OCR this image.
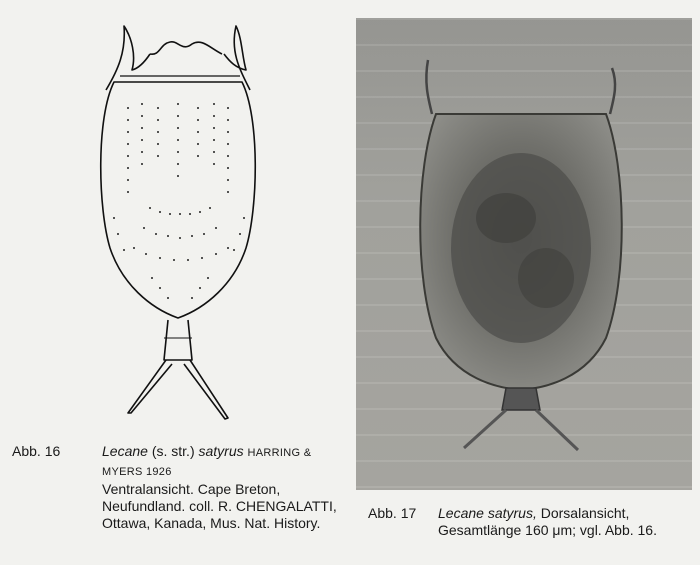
Abb. 16	Lecane (s. str.) satyrus HARRING & MYERS 1926
Ventralansicht. Cape Breton, Neufundland. coll. R. CHENGALATTI, Ottawa, Kanada, Mus. Nat. History.
Abb. 17 Lecane satyrus, Dorsalansicht,
Gesamtlänge 160 μm; vgl. Abb. 16.
